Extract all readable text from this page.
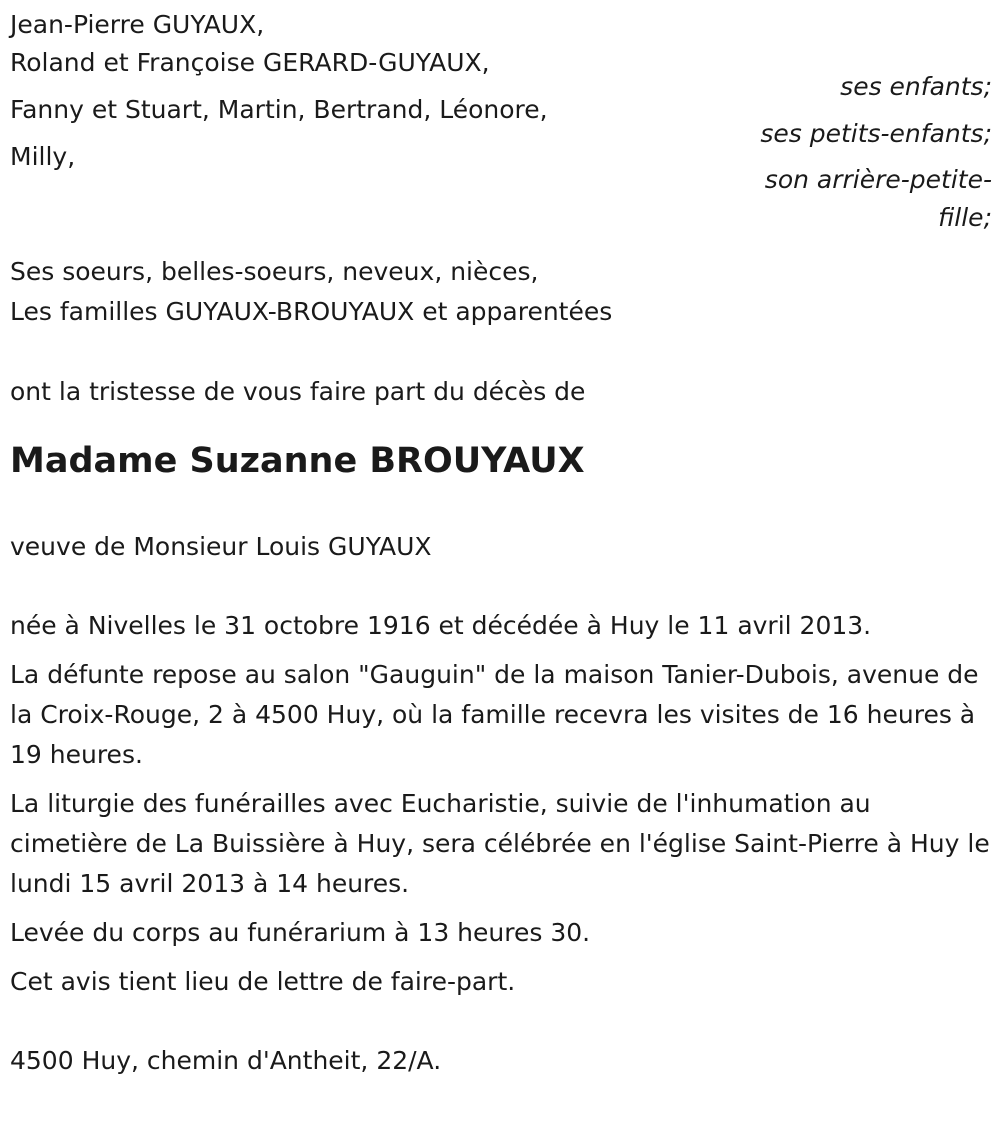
Jean-Pierre GUYAUX,
Roland et Françoise GERARD-GUYAUX,
ses enfants;
Fanny et Stuart, Martin, Bertrand, Léonore,
ses petits-enfants;
Milly,
son arrière-petite-
fille;
Ses soeurs, belles-soeurs, neveux, nièces,
Les familles GUYAUX-BROUYAUX et apparentées
ont la tristesse de vous faire part du décès de
Madame Suzanne BROUYAUX
veuve de Monsieur Louis GUYAUX
née à Nivelles le 31 octobre 1916 et décédée à Huy le 11 avril 2013.
La défunte repose au salon "Gauguin" de la maison Tanier-Dubois, avenue de la Croix-Rouge, 2 à 4500 Huy, où la famille recevra les visites de 16 heures à 19 heures.
La liturgie des funérailles avec Eucharistie, suivie de l'inhumation au cimetière de La Buissière à Huy, sera célébrée en l'église Saint-Pierre à Huy le lundi 15 avril 2013 à 14 heures.
Levée du corps au funérarium à 13 heures 30.
Cet avis tient lieu de lettre de faire-part.
4500 Huy, chemin d'Antheit, 22/A.
